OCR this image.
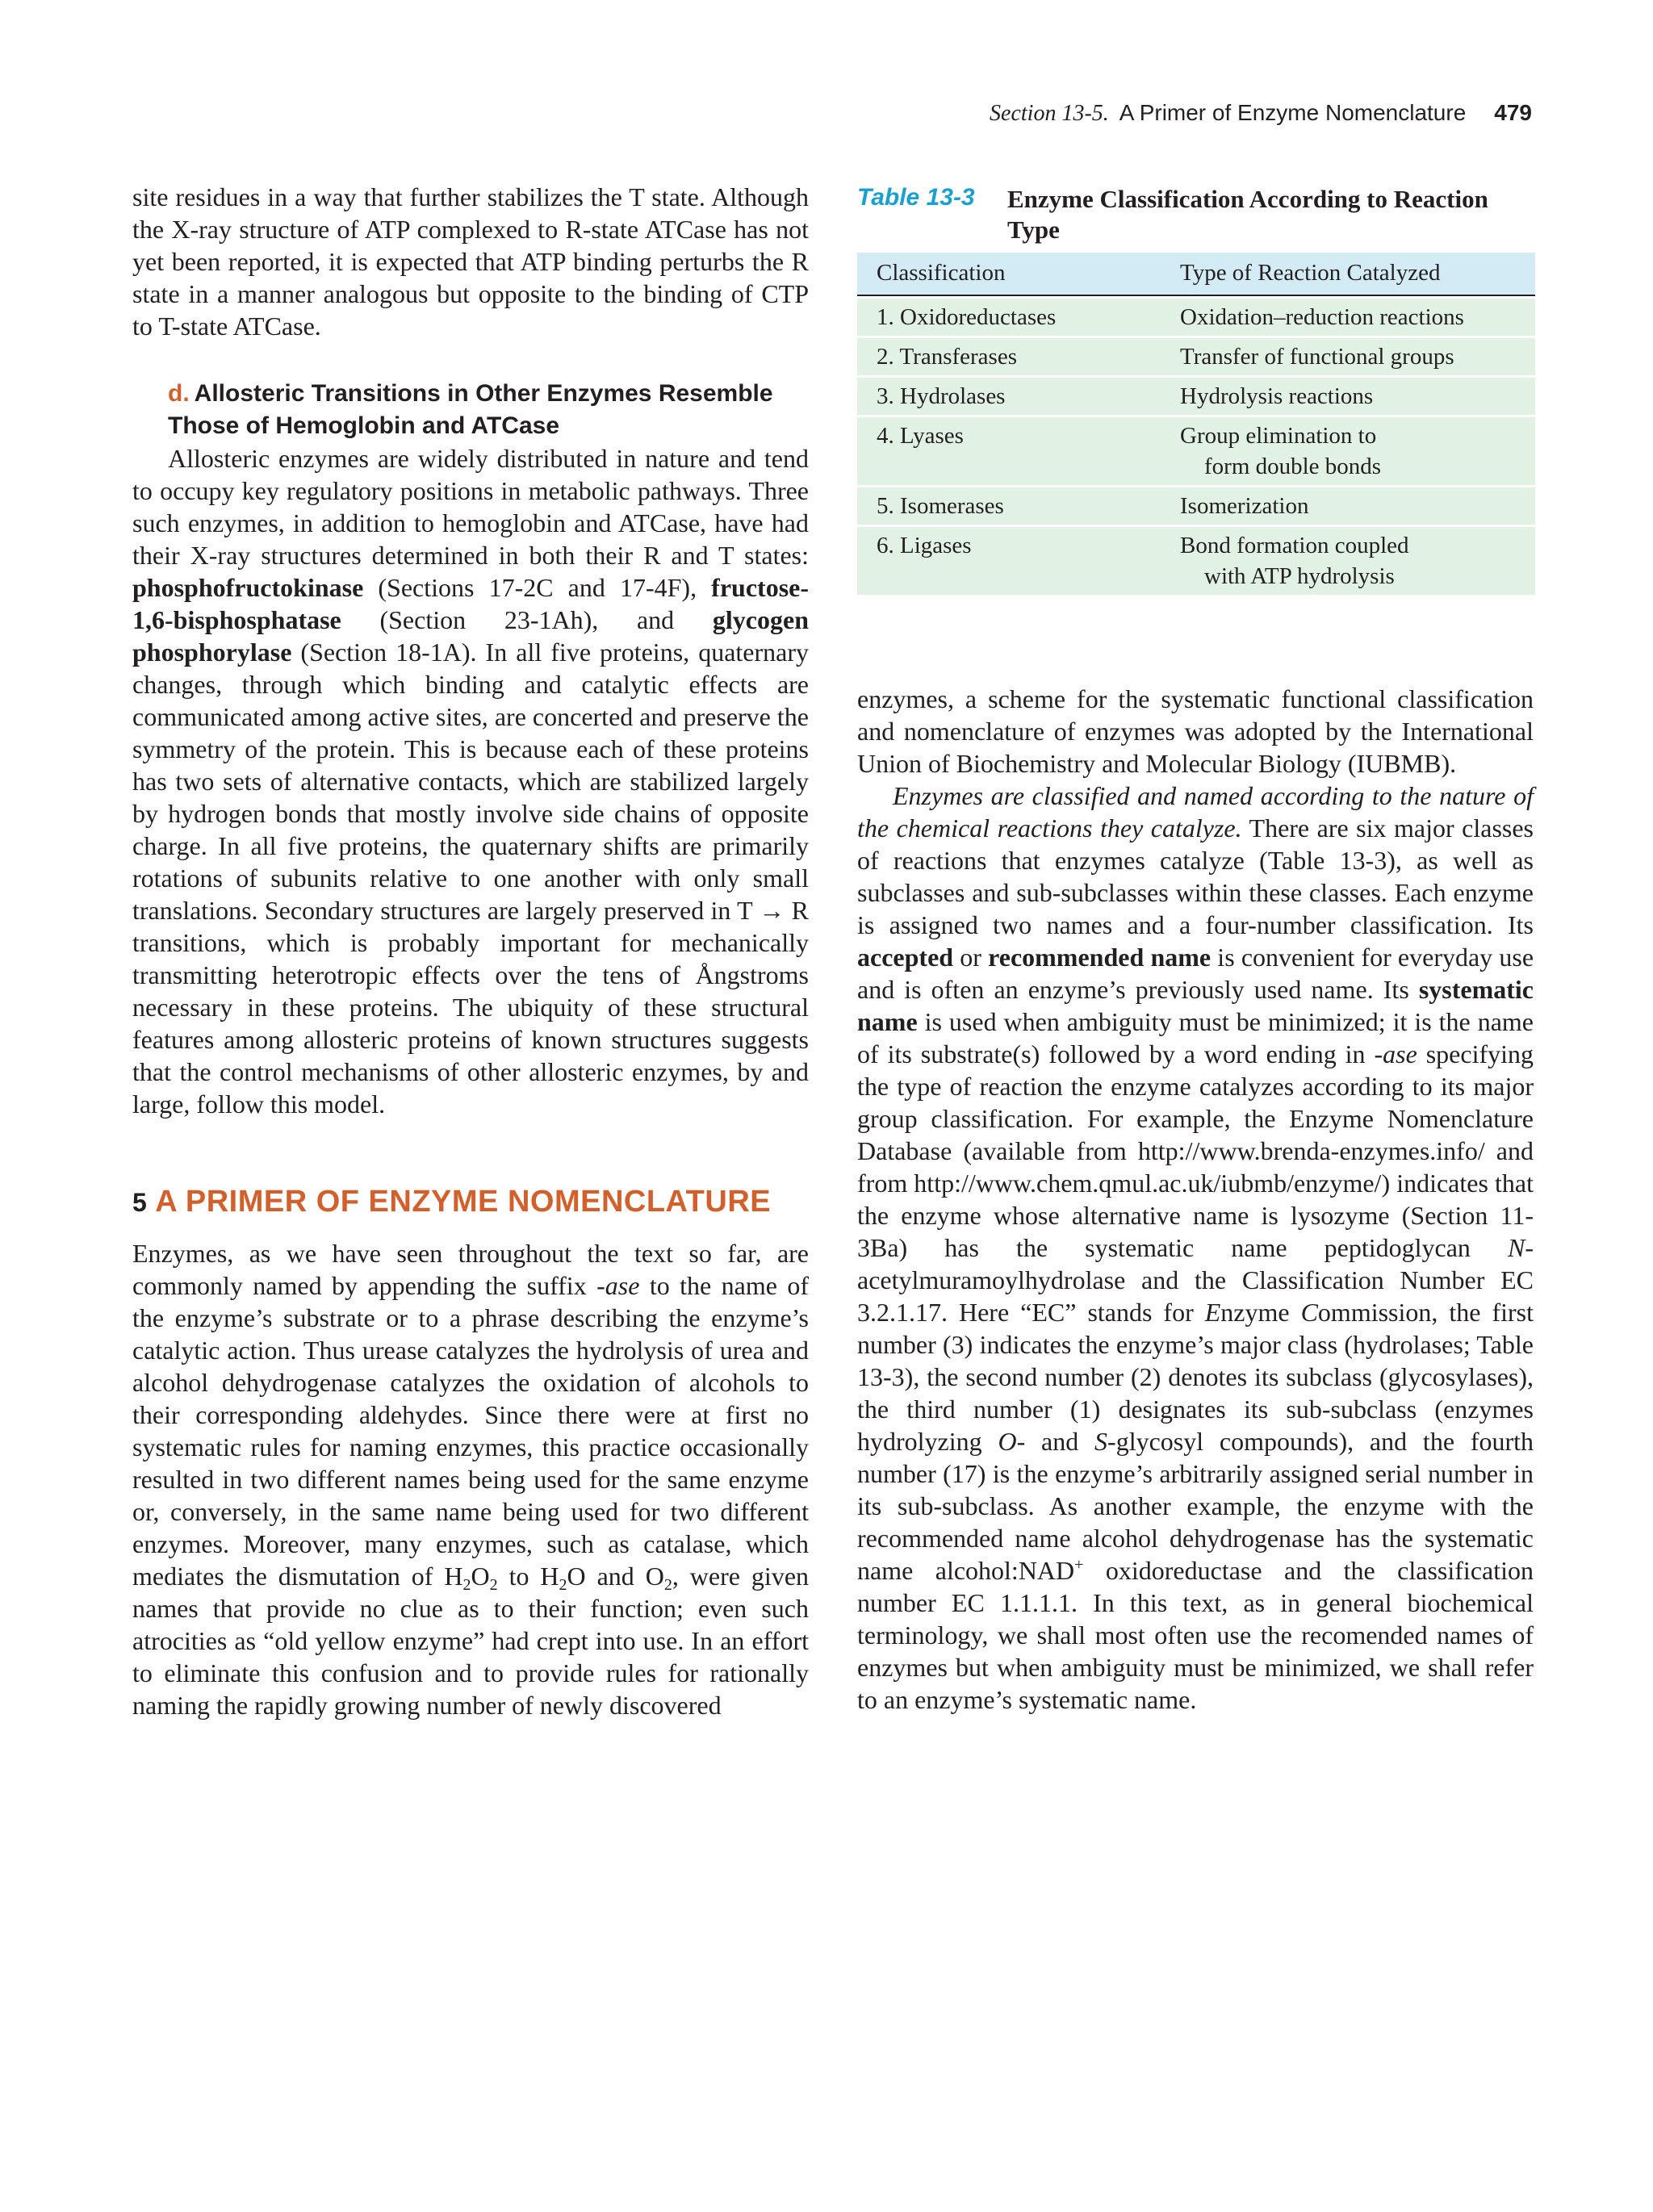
Section 13-5. A Primer of Enzyme Nomenclature 479

site residues in a way that further stabilizes the T state. Although the X-ray structure of ATP complexed to R-state ATCase has not yet been reported, it is expected that ATP binding perturbs the R state in a manner analogous but opposite to the binding of CTP to T-state ATCase.

d. Allosteric Transitions in Other Enzymes Resemble Those of Hemoglobin and ATCase

Allosteric enzymes are widely distributed in nature and tend to occupy key regulatory positions in metabolic pathways. Three such enzymes, in addition to hemoglobin and ATCase, have had their X-ray structures determined in both their R and T states: phosphofructokinase (Sections 17-2C and 17-4F), fructose-1,6-bisphosphatase (Section 23-1Ah), and glycogen phosphorylase (Section 18-1A). In all five proteins, quaternary changes, through which binding and catalytic effects are communicated among active sites, are concerted and preserve the symmetry of the protein. This is because each of these proteins has two sets of alternative contacts, which are stabilized largely by hydrogen bonds that mostly involve side chains of opposite charge. In all five proteins, the quaternary shifts are primarily rotations of subunits relative to one another with only small translations. Secondary structures are largely preserved in T → R transitions, which is probably important for mechanically transmitting heterotropic effects over the tens of Ångstroms necessary in these proteins. The ubiquity of these structural features among allosteric proteins of known structures suggests that the control mechanisms of other allosteric enzymes, by and large, follow this model.

5 A PRIMER OF ENZYME NOMENCLATURE

Enzymes, as we have seen throughout the text so far, are commonly named by appending the suffix -ase to the name of the enzyme’s substrate or to a phrase describing the enzyme’s catalytic action. Thus urease catalyzes the hydrolysis of urea and alcohol dehydrogenase catalyzes the oxidation of alcohols to their corresponding aldehydes. Since there were at first no systematic rules for naming enzymes, this practice occasionally resulted in two different names being used for the same enzyme or, conversely, in the same name being used for two different enzymes. Moreover, many enzymes, such as catalase, which mediates the dismutation of $H_2O_2$ to $H_2O$ and $O_2$, were given names that provide no clue as to their function; even such atrocities as “old yellow enzyme” had crept into use. In an effort to eliminate this confusion and to provide rules for rationally naming the rapidly growing number of newly discovered

Table 13-3 Enzyme Classification According to Reaction Type
Classification	Type of Reaction Catalyzed
1. Oxidoreductases	Oxidation–reduction reactions
2. Transferases	Transfer of functional groups
3. Hydrolases	Hydrolysis reactions
4. Lyases	Group elimination to
form double bonds
5. Isomerases	Isomerization
6. Ligases	Bond formation coupled
with ATP hydrolysis

enzymes, a scheme for the systematic functional classification and nomenclature of enzymes was adopted by the International Union of Biochemistry and Molecular Biology (IUBMB).

Enzymes are classified and named according to the nature of the chemical reactions they catalyze. There are six major classes of reactions that enzymes catalyze (Table 13-3), as well as subclasses and sub-subclasses within these classes. Each enzyme is assigned two names and a four-number classification. Its accepted or recommended name is convenient for everyday use and is often an enzyme’s previously used name. Its systematic name is used when ambiguity must be minimized; it is the name of its substrate(s) followed by a word ending in -ase specifying the type of reaction the enzyme catalyzes according to its major group classification. For example, the Enzyme Nomenclature Database (available from http://www.brenda-enzymes.info/ and from http://www.chem.qmul.ac.uk/iubmb/enzyme/) indicates that the enzyme whose alternative name is lysozyme (Section 11-3Ba) has the systematic name peptidoglycan N-acetylmuramoylhydrolase and the Classification Number EC 3.2.1.17. Here “EC” stands for Enzyme Commission, the first number (3) indicates the enzyme’s major class (hydrolases; Table 13-3), the second number (2) denotes its subclass (glycosylases), the third number (1) designates its sub-subclass (enzymes hydrolyzing O- and S-glycosyl compounds), and the fourth number (17) is the enzyme’s arbitrarily assigned serial number in its sub-subclass. As another example, the enzyme with the recommended name alcohol dehydrogenase has the systematic name alcohol:NAD+ oxidoreductase and the classification number EC 1.1.1.1. In this text, as in general biochemical terminology, we shall most often use the recomended names of enzymes but when ambiguity must be minimized, we shall refer to an enzyme’s systematic name.
